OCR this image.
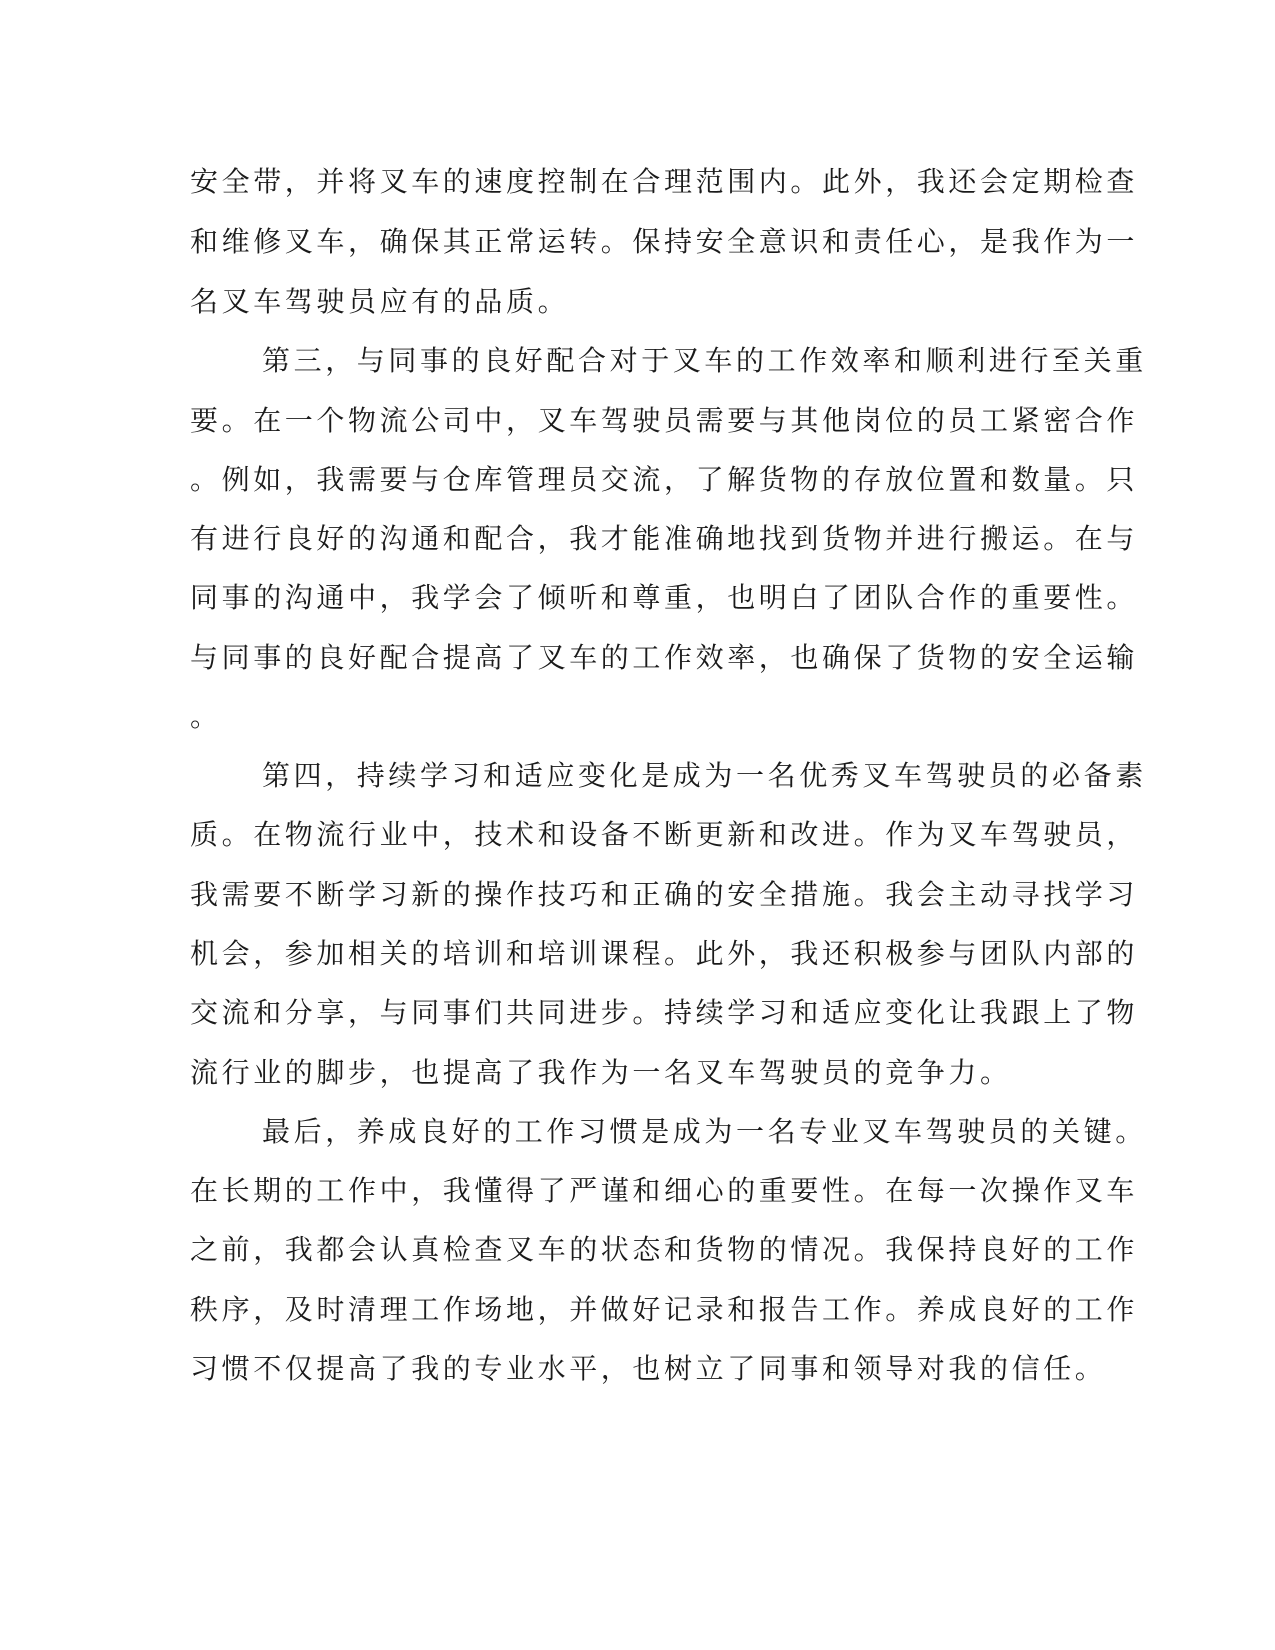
安全带，并将叉车的速度控制在合理范围内。此外，我还会定期检查
和维修叉车，确保其正常运转。保持安全意识和责任心，是我作为一
名叉车驾驶员应有的品质。
第三，与同事的良好配合对于叉车的工作效率和顺利进行至关重
要。在一个物流公司中，叉车驾驶员需要与其他岗位的员工紧密合作
。例如，我需要与仓库管理员交流，了解货物的存放位置和数量。只
有进行良好的沟通和配合，我才能准确地找到货物并进行搬运。在与
同事的沟通中，我学会了倾听和尊重，也明白了团队合作的重要性。
与同事的良好配合提高了叉车的工作效率，也确保了货物的安全运输
。
第四，持续学习和适应变化是成为一名优秀叉车驾驶员的必备素
质。在物流行业中，技术和设备不断更新和改进。作为叉车驾驶员，
我需要不断学习新的操作技巧和正确的安全措施。我会主动寻找学习
机会，参加相关的培训和培训课程。此外，我还积极参与团队内部的
交流和分享，与同事们共同进步。持续学习和适应变化让我跟上了物
流行业的脚步，也提高了我作为一名叉车驾驶员的竞争力。
最后，养成良好的工作习惯是成为一名专业叉车驾驶员的关键。
在长期的工作中，我懂得了严谨和细心的重要性。在每一次操作叉车
之前，我都会认真检查叉车的状态和货物的情况。我保持良好的工作
秩序，及时清理工作场地，并做好记录和报告工作。养成良好的工作
习惯不仅提高了我的专业水平，也树立了同事和领导对我的信任。
